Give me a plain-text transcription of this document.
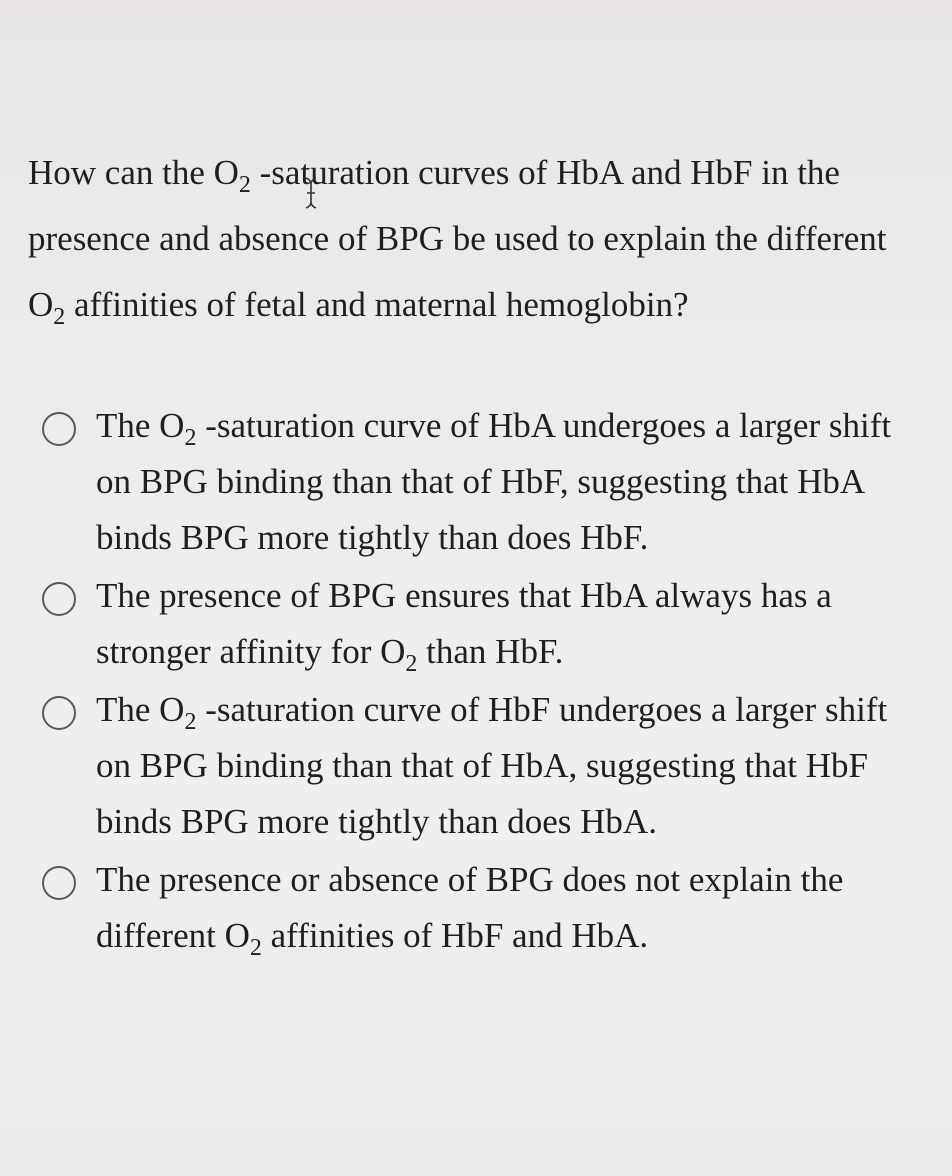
How can the $O_2$ -saturation curves of HbA and HbF in the presence and absence of BPG be used to explain the different $O_2$ affinities of fetal and maternal hemoglobin?

The $O_2$ -saturation curve of HbA undergoes a larger shift on BPG binding than that of HbF, suggesting that HbA binds BPG more tightly than does HbF.
The presence of BPG ensures that HbA always has a stronger affinity for $O_2$ than HbF.
The $O_2$ -saturation curve of HbF undergoes a larger shift on BPG binding than that of HbA, suggesting that HbF binds BPG more tightly than does HbA.
The presence or absence of BPG does not explain the different $O_2$ affinities of HbF and HbA.
